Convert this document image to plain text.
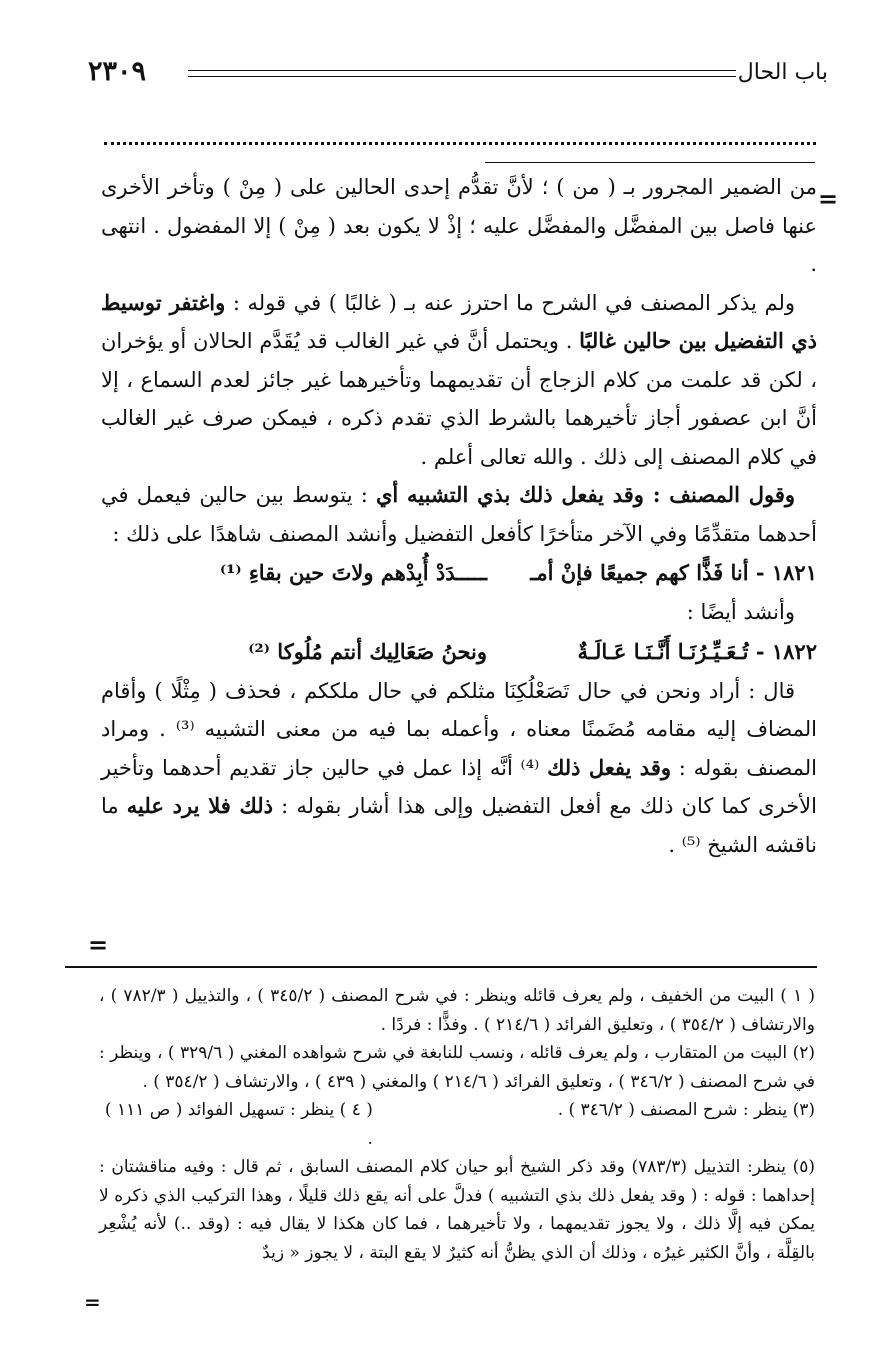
باب الحال
٢٣٠٩
=

من الضمير المجرور بـ ( من ) ؛ لأنَّ تقدُّم إحدى الحالين على ( مِنْ ) وتأخر الأخرى عنها فاصل بين المفضَّل والمفضَّل عليه ؛ إذْ لا يكون بعد ( مِنْ ) إلا المفضول . انتهى .

ولم يذكر المصنف في الشرح ما احترز عنه بـ ( غالبًا ) في قوله : واغتفر توسيط ذي التفضيل بين حالين غالبًا . ويحتمل أنَّ في غير الغالب قد يُقَدَّم الحالان أو يؤخران ، لكن قد علمت من كلام الزجاج أن تقديمهما وتأخيرهما غير جائز لعدم السماع ، إلا أنَّ ابن عصفور أجاز تأخيرهما بالشرط الذي تقدم ذكره ، فيمكن صرف غير الغالب في كلام المصنف إلى ذلك . والله تعالى أعلم .

وقول المصنف : وقد يفعل ذلك بذي التشبيه أي : يتوسط بين حالين فيعمل في أحدهما متقدِّمًا وفي الآخر متأخرًا كأفعل التفضيل وأنشد المصنف شاهدًا على ذلك :

١٨٢١ - أنا فَذًّا كهم جميعًا فإنْ أمـ
ـــــدَدْ أُبِدْهم ولاتَ حين بقاءِ ⁽¹⁾

وأنشد أيضًا :

١٨٢٢ - تُـعَـيِّـرُنَـا أَنَّـنَـا عَـالَـةٌ
ونحنُ صَعَالِيك أنتم مُلُوكا ⁽²⁾

قال : أراد ونحن في حال تَصَعْلُكِنَا مثلكم في حال ملككم ، فحذف ( مِثْلًا ) وأقام المضاف إليه مقامه مُضَمنًا معناه ، وأعمله بما فيه من معنى التشبيه ⁽³⁾ . ومراد المصنف بقوله : وقد يفعل ذلك ⁽⁴⁾ أنَّه إذا عمل في حالين جاز تقديم أحدهما وتأخير الأخرى كما كان ذلك مع أفعل التفضيل وإلى هذا أشار بقوله : ذلك فلا يرد عليه ما ناقشه الشيخ ⁽⁵⁾ .

=

( ١ ) البيت من الخفيف ، ولم يعرف قائله وينظر : في شرح المصنف ( ٣٤٥/٢ ) ، والتذييل ( ٧٨٢/٣ ) ، والارتشاف ( ٣٥٤/٢ ) ، وتعليق الفرائد ( ٢١٤/٦ ) . وفذًّا : فردًا .

(٢) البيت من المتقارب ، ولم يعرف قائله ، ونسب للنابغة في شرح شواهده المغني ( ٣٢٩/٦ ) ، وينظر : في شرح المصنف ( ٣٤٦/٢ ) ، وتعليق الفرائد ( ٢١٤/٦ ) والمغني ( ٤٣٩ ) ، والارتشاف ( ٣٥٤/٢ ) .

(٣) ينظر : شرح المصنف ( ٣٤٦/٢ ) .
( ٤ ) ينظر : تسهيل الفوائد ( ص ١١١ ) .

(٥) ينظر: التذييل (٧٨٣/٣) وقد ذكر الشيخ أبو حيان كلام المصنف السابق ، ثم قال : وفيه مناقشتان : إحداهما : قوله : ( وقد يفعل ذلك بذي التشبيه ) فدلَّ على أنه يقع ذلك قليلًا ، وهذا التركيب الذي ذكره لا يمكن فيه إلَّا ذلك ، ولا يجوز تقديمهما ، ولا تأخيرهما ، فما كان هكذا لا يقال فيه : (وقد ..) لأنه يُشْعِر بالقِلَّة ، وأنَّ الكثير غيرُه ، وذلك أن الذي يظنُّ أنه كثيرٌ لا يقع البتة ، لا يجوز « زيدٌ

=
